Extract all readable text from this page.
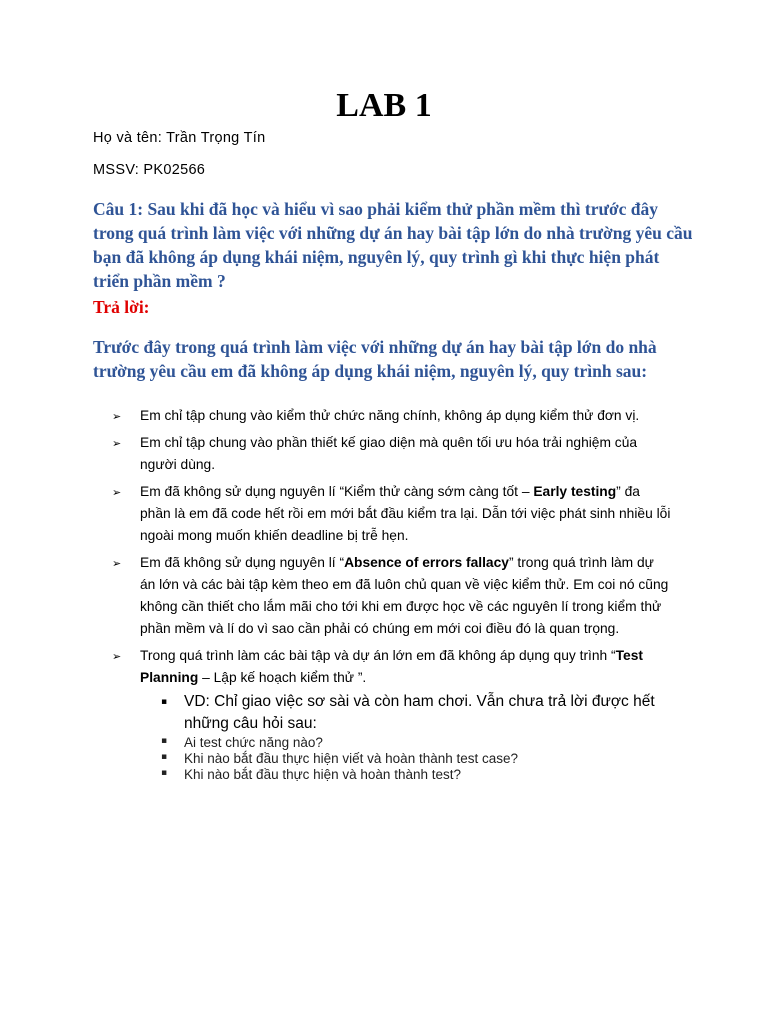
LAB 1

Họ và tên: Trần Trọng Tín

MSSV: PK02566

Câu 1: Sau khi đã học và hiểu vì sao phải kiểm thử phần mềm thì trước đây trong quá trình làm việc với những dự án hay bài tập lớn do nhà trường yêu cầu bạn đã không áp dụng khái niệm, nguyên lý, quy trình gì khi thực hiện phát triển phần mềm ?

Trả lời:

Trước đây trong quá trình làm việc với những dự án hay bài tập lớn do nhà trường yêu cầu em đã không áp dụng khái niệm, nguyên lý, quy trình sau:

➢ Em chỉ tập chung vào kiểm thử chức năng chính, không áp dụng kiểm thử đơn vị.
➢ Em chỉ tập chung vào phần thiết kế giao diện mà quên tối ưu hóa trải nghiệm của người dùng.
➢ Em đã không sử dụng nguyên lí “Kiểm thử càng sớm càng tốt – Early testing” đa phần là em đã code hết rồi em mới bắt đầu kiểm tra lại. Dẫn tới việc phát sinh nhiều lỗi ngoài mong muốn khiến deadline bị trễ hẹn.
➢ Em đã không sử dụng nguyên lí “Absence of errors fallacy” trong quá trình làm dự án lớn và các bài tập kèm theo em đã luôn chủ quan về việc kiểm thử. Em coi nó cũng không cần thiết cho lắm mãi cho tới khi em được học về các nguyên lí trong kiểm thử phần mềm và lí do vì sao cần phải có chúng em mới coi điều đó là quan trọng.
➢ Trong quá trình làm các bài tập và dự án lớn em đã không áp dụng quy trình “Test Planning – Lập kế hoạch kiểm thử ”.
▪ VD: Chỉ giao việc sơ sài và còn ham chơi. Vẫn chưa trả lời được hết những câu hỏi sau:
▪ Ai test chức năng nào?
▪ Khi nào bắt đầu thực hiện viết và hoàn thành test case?
▪ Khi nào bắt đầu thực hiện và hoàn thành test?
